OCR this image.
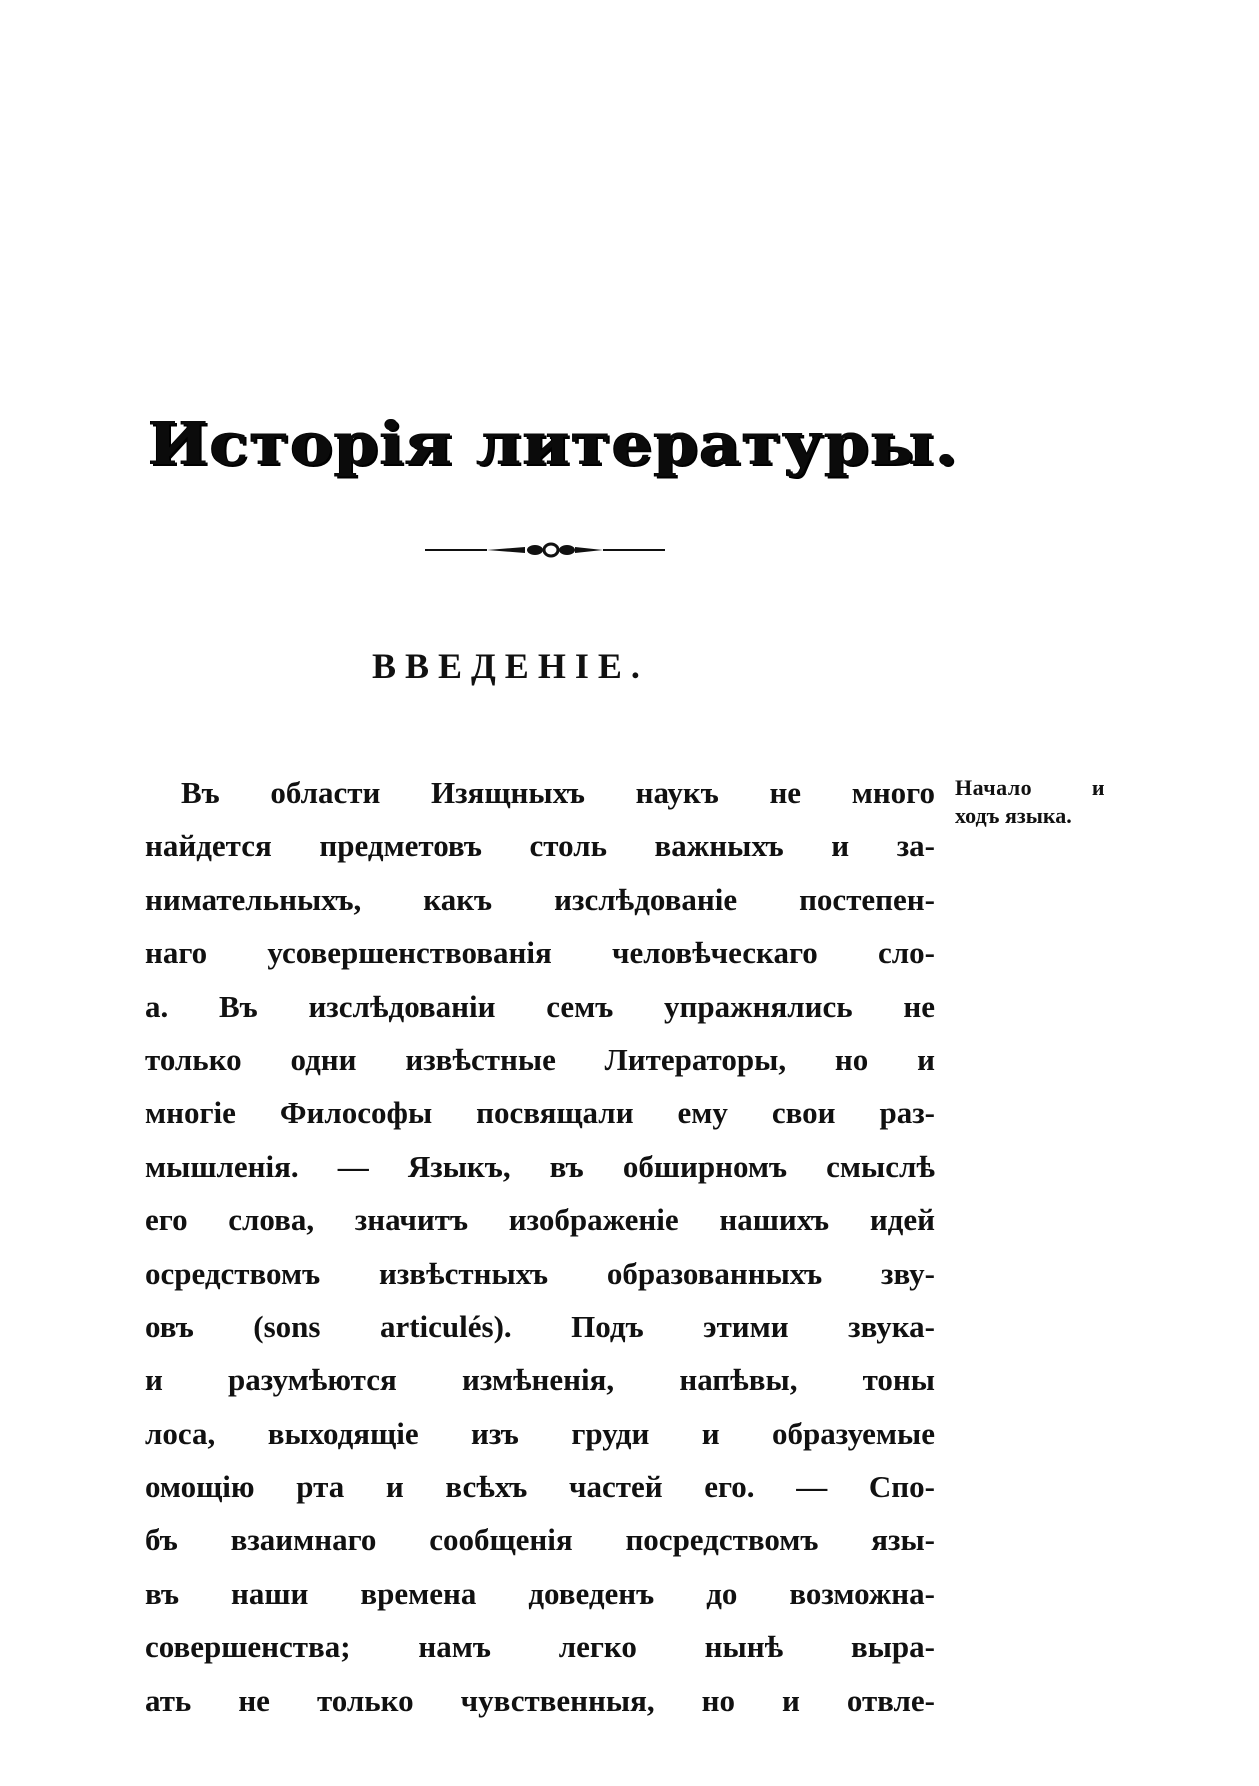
Исторія литературы.
ВВЕДЕНІЕ.
Начало и
ходъ языка.
Въ области Изящныхъ наукъ не много
найдется предметовъ столь важныхъ и за-
нимательныхъ, какъ изслѣдованіе постепен-
наго усовершенствованія человѣческаго сло-
а. Въ изслѣдованіи семъ упражнялись не
только одни извѣстные Литераторы, но и
многіе Философы посвящали ему свои раз-
мышленія. — Языкъ, въ обширномъ смыслѣ
его слова, значитъ изображеніе нашихъ идей
осредствомъ извѣстныхъ образованныхъ зву-
овъ (sons articulés). Подъ этими звука-
и разумѣются измѣненія, напѣвы, тоны
лоса, выходящіе изъ груди и образуемые
омощію рта и всѣхъ частей его. — Спо-
бъ взаимнаго сообщенія посредствомъ язы-
въ наши времена доведенъ до возможна-
совершенства; намъ легко нынѣ выра-
ать не только чувственныя, но и отвле-
